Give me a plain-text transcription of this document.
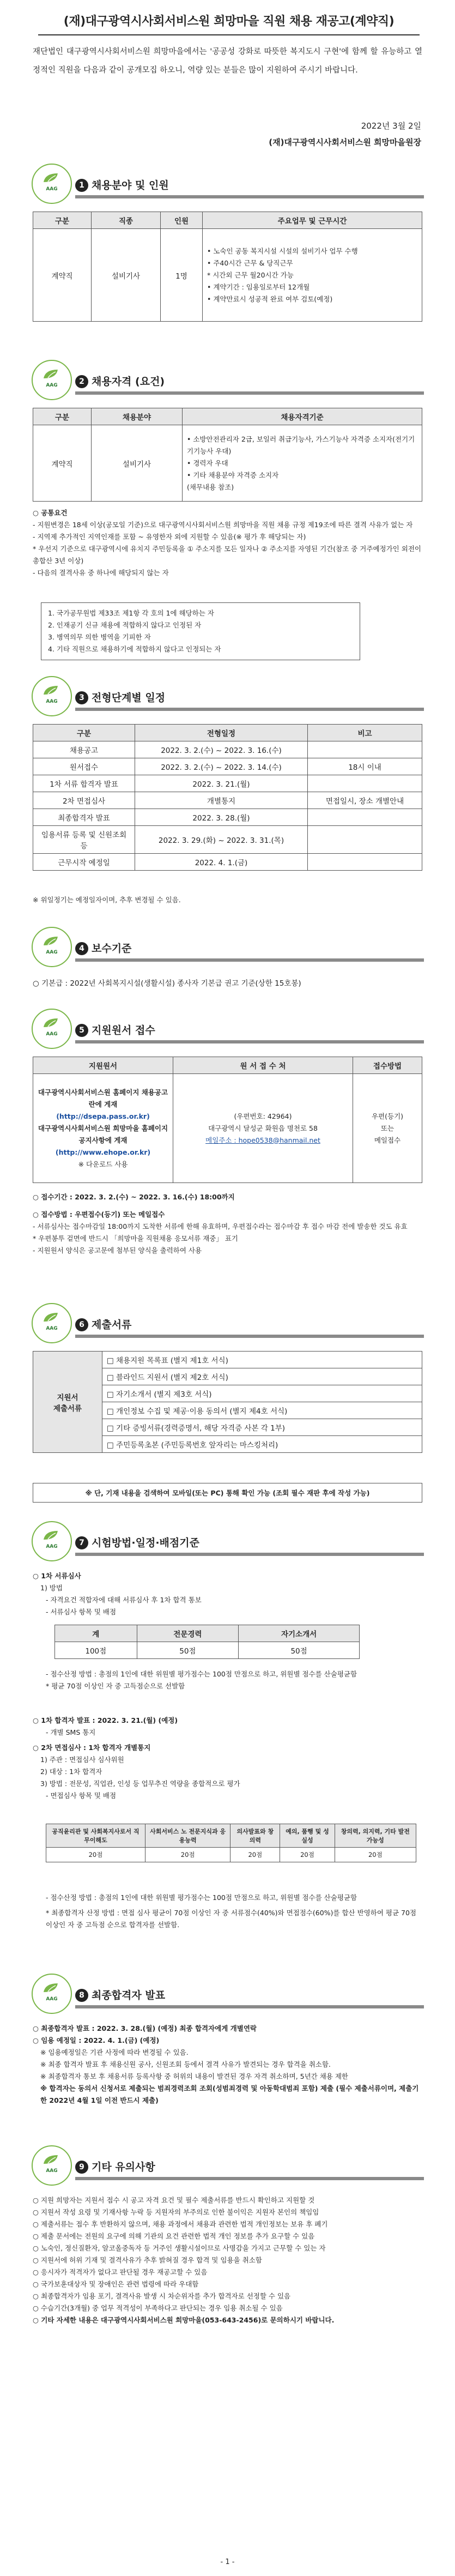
(재)대구광역시사회서비스원 희망마을 직원 채용 재공고(계약직)
재단법인 대구광역시사회서비스원 희망마을에서는 '공공성 강화로 따뜻한 복지도시 구현'에 함께 할 유능하고 열정적인 직원을 다음과 같이 공개모집 하오니, 역량 있는 분들은 많이 지원하여 주시기 바랍니다.
2022년 3월 2일
(재)대구광역시사회서비스원 희망마을원장
AAG	1 채용분야 및 인원
구분	직종	인원	주요업무 및 근무시간
계약직	설비기사	1명	• 노숙인 공동 복지시설 시설의 설비기사 업무 수행
• 주40시간 근무 & 당직근무
* 시간외 근무 월20시간 가능
• 계약기간 : 임용일로부터 12개월
• 계약만료시 성공적 완료 여부 검토(예정)
AAG	2 채용자격 (요건)
구분	채용분야	채용자격기준
계약직	설비기사	• 소방안전관리자 2급, 보일러 취급기능사, 가스기능사 자격증 소지자(전기기기기능사 우대)
• 경력자 우대
• 기타 채용분야 자격증 소지자
(채무내용 참조)
○ 공통요건
- 지원변경은 18세 이상(공모일 기준)으로 대구광역시사회서비스원 희망마을 직원 채용 규정 제19조에 따른 결격 사유가 없는 자
- 지역제 추가적인 지역인재를 포함 ~ 유영한자 외에 지원할 수 있음(※ 평가 후 해당되는 자)
* 우선지 기준으로 대구광역시에 유치지 주민등록을 ① 주소지를 모든 일자나 ② 주소지를 자영된 기간(참조 중 거주예정가인 외전이 총합산 3년 이상)
- 다음의 결격사유 중 하나에 해당되지 않는 자
1. 국가공무원법 제33조 제1항 각 호의 1에 해당하는 자
2. 인재공기 신규 채용에 적합하지 않다고 인정된 자
3. 병역의무 의한 병역을 기피한 자
4. 기타 직원으로 채용하기에 적합하지 않다고 인정되는 자
AAG	3 전형단계별 일정
구분	전형일정	비고
채용공고	2022. 3. 2.(수) ~ 2022. 3. 16.(수)	
원서접수	2022. 3. 2.(수) ~ 2022. 3. 14.(수)	18시 이내
1차 서류 합격자 발표	2022. 3. 21.(월)	
2차 면접심사	개별통지	면접일시, 장소 개별안내
최종합격자 발표	2022. 3. 28.(월)	
임용서류 등록 및 신원조회 등	2022. 3. 29.(화) ~ 2022. 3. 31.(목)	
근무시작 예정일	2022. 4. 1.(금)	
※ 위일정기는 예정일자이며, 추후 변경될 수 있음.
AAG	4 보수기준
○ 기본급 : 2022년 사회복지시설(생활시설) 종사자 기본급 권고 기준(상한 15호봉)
AAG	5 지원원서 접수
지원원서	원 서 접 수 처	접수방법

대구광역시사회서비스원 홈페이지 채용공고란에 게재
(http://dsepa.pass.or.kr)
대구광역시사회서비스원 희망마을 홈페이지 공지사항에 게재
(http://www.ehope.or.kr)
※ 다운로드 사용	(우편번호: 42964)
대구광역시 달성군 화원읍 명천로 58
메일주소 : hope0538@hanmail.net	우편(등기)
또는
메일접수
○ 접수기간 : 2022. 3. 2.(수) ~ 2022. 3. 16.(수) 18:00까지
○ 접수방법 : 우편접수(등기) 또는 메일접수
- 서류심사는 접수마감일 18:00까지 도착한 서류에 한해 유효하며, 우편접수라는 접수마감 후 접수 마감 전에 발송한 것도 유효
* 우편봉투 겉면에 반드시 「희망마을 직원채용 응모서류 재중」 표기
- 지원원서 양식은 공고문에 첨부된 양식을 출력하여 사용
AAG	6 제출서류
지원서
제출서류	□ 채용지원 목록표 (별지 제1호 서식)
□ 블라인드 지원서 (별지 제2호 서식)
□ 자기소개서 (별지 제3호 서식)
□ 개인정보 수집 및 제공·이용 동의서 (별지 제4호 서식)
□ 기타 증빙서류(경력증명서, 해당 자격증 사본 각 1부)
□ 주민등록초본 (주민등록번호 앞자리는 마스킹처리)
※ 단, 기재 내용을 검색하여 모바일(또는 PC) 통해 확인 가능 (조회 필수 재판 후에 작성 가능)
AAG	7 시험방법·일정·배점기준
○ 1차 서류심사
1) 방법
- 자격요건 적합자에 대해 서류심사 후 1차 합격 통보
- 서류심사 항목 및 배점
계	전문경력	자기소개서
100점	50점	50점
- 점수산정 방법 : 총점의 1인에 대한 위원별 평가점수는 100점 만점으로 하고, 위원별 점수를 산술평균함
* 평균 70점 이상인 자 중 고득점순으로 선발함
○ 1차 합격자 발표 : 2022. 3. 21.(월) (예정)
- 개별 SMS 통지
○ 2차 면접심사 : 1차 합격자 개별통지
1) 주관 : 면접심사 심사위원
2) 대상 : 1차 합격자
3) 방법 : 전문성, 직업관, 인성 등 업무추진 역량을 종합적으로 평가
- 면접심사 항목 및 배점
공직윤리관 및 사회복지사로서 직무이해도	사회서비스 노 전문지식과 응용능력	의사발표와 창의력	예의, 품행 및 성실성	창의력, 의지력, 기타 발전 가능성
20점	20점	20점	20점	20점
- 점수산정 방법 : 총점의 1인에 대한 위원별 평가점수는 100점 만점으로 하고, 위원별 점수를 산술평균함
* 최종합격자 산정 방법 : 면접 심사 평균이 70점 이상인 자 중 서류점수(40%)와 면접점수(60%)를 합산 반영하여 평균 70점 이상인 자 중 고득점 순으로 합격자를 선발함.
AAG	8 최종합격자 발표
○ 최종합격자 발표 : 2022. 3. 28.(월) (예정) 최종 합격자에게 개별연락
○ 임용 예정일 : 2022. 4. 1.(금) (예정)
※ 임용예정일은 기관 사정에 따라 변경될 수 있음.
※ 최종 합격자 발표 후 채용신원 공사, 신원조회 등에서 결격 사유가 발견되는 경우 합격을 취소함.
※ 최종합격자 통보 후 채용서류 등록사항 중 허위의 내용이 발견된 경우 자격 취소하며, 5년간 채용 제한
※ 합격자는 동의서 신청서로 제출되는 범죄경력조회 조회(성범죄경력 및 아동학대범죄 포함) 제출 (필수 제출서류이며, 제출기한 2022년 4월 1일 이전 반드시 제출)
AAG	9 기타 유의사항
○ 지원 희망자는 지원서 접수 시 공고 자격 요건 및 필수 제출서류를 반드시 확인하고 지원할 것
○ 지원서 작성 요령 및 기재사항 누락 등 지원자의 부주의로 인한 불이익은 지원자 본인의 책임임
○ 제출서류는 접수 후 반환하지 않으며, 채용 과정에서 채용과 관련한 법적 개인정보는 보유 후 폐기
○ 제출 문서에는 전원의 요구에 의해 기관의 요건 관련한 법적 개인 정보를 추가 요구할 수 있음
○ 노숙인, 정신질환자, 알코올중독자 등 거주인 생활시설이므로 사명감을 가지고 근무할 수 있는 자
○ 지원서에 허위 기재 및 결격사유가 추후 밝혀질 경우 합격 및 임용을 취소함
○ 응시자가 적격자가 없다고 판단될 경우 재공고할 수 있음
○ 국가보훈대상자 및 장애인은 관련 법령에 따라 우대함
○ 최종합격자가 임용 포기, 결격사유 발생 시 차순위자를 추가 합격자로 선정할 수 있음
○ 수습기간(3개월) 중 업무 적격성이 부족하다고 판단되는 경우 임용 취소될 수 있음
○ 기타 자세한 내용은 대구광역시사회서비스원 희망마을(053-643-2456)로 문의하시기 바랍니다.
- 1 -
